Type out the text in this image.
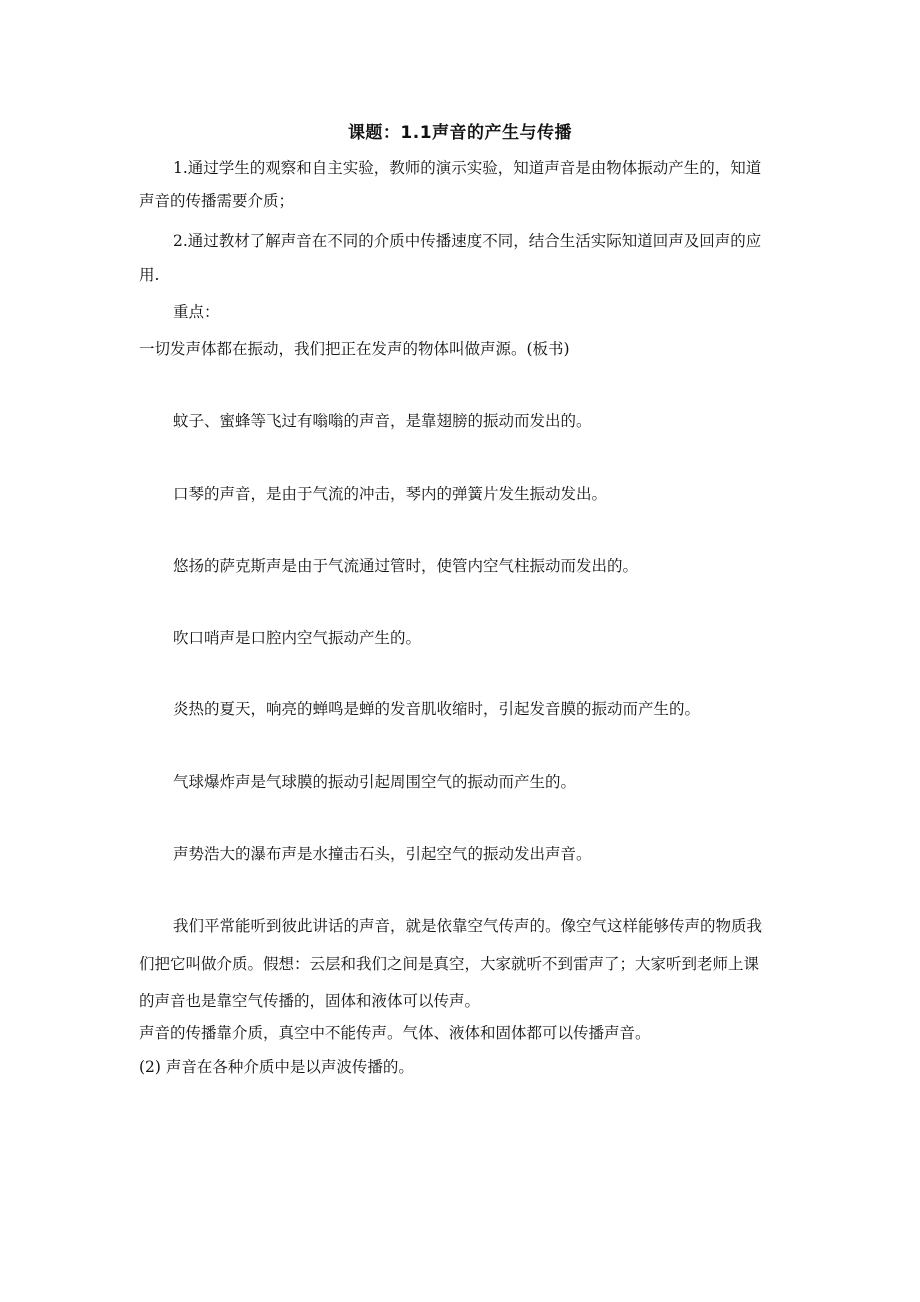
课题：1.1声音的产生与传播
1.通过学生的观察和自主实验，教师的演示实验，知道声音是由物体振动产生的，知道
声音的传播需要介质；
2.通过教材了解声音在不同的介质中传播速度不同，结合生活实际知道回声及回声的应
用.
重点：
一切发声体都在振动，我们把正在发声的物体叫做声源。(板书)
蚊子、蜜蜂等飞过有嗡嗡的声音，是靠翅膀的振动而发出的。
口琴的声音，是由于气流的冲击，琴内的弹簧片发生振动发出。
悠扬的萨克斯声是由于气流通过管时，使管内空气柱振动而发出的。
吹口哨声是口腔内空气振动产生的。
炎热的夏天，响亮的蝉鸣是蝉的发音肌收缩时，引起发音膜的振动而产生的。
气球爆炸声是气球膜的振动引起周围空气的振动而产生的。
声势浩大的瀑布声是水撞击石头，引起空气的振动发出声音。
我们平常能听到彼此讲话的声音，就是依靠空气传声的。像空气这样能够传声的物质我
们把它叫做介质。假想：云层和我们之间是真空，大家就听不到雷声了；大家听到老师上课
的声音也是靠空气传播的，固体和液体可以传声。
声音的传播靠介质，真空中不能传声。气体、液体和固体都可以传播声音。
(2) 声音在各种介质中是以声波传播的。
